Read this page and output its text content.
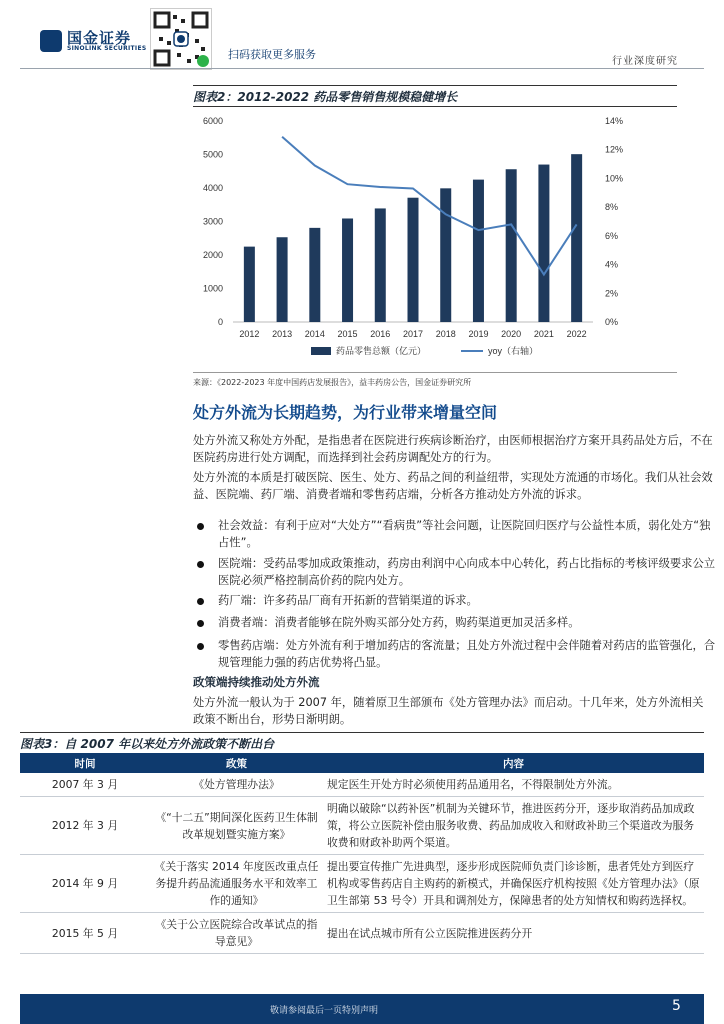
国金证券
SINOLINK SECURITIES	扫码获取更多服务
行业深度研究
图表2：2012-2022 药品零售销售规模稳健增长
0
1000
2000
3000
4000
5000
6000
0%
2%
4%
6%
8%
10%
12%
14%
2012 2013 2014 2015 2016 2017 2018 2019 2020 2021 2022
药品零售总额（亿元）	yoy（右轴）
来源：《2022-2023 年度中国药店发展报告》，益丰药房公告，国金证券研究所
处方外流为长期趋势，为行业带来增量空间
处方外流又称处方外配，是指患者在医院进行疾病诊断治疗，由医师根据治疗方案开具药品处方后，不在医院药房进行处方调配，而选择到社会药房调配处方的行为。
处方外流的本质是打破医院、医生、处方、药品之间的利益纽带，实现处方流通的市场化。我们从社会效益、医院端、药厂端、消费者端和零售药店端，分析各方推动处方外流的诉求。
社会效益：有利于应对“大处方”“看病贵”等社会问题，让医院回归医疗与公益性本质，弱化处方“独占性”。
医院端：受药品零加成政策推动，药房由利润中心向成本中心转化，药占比指标的考核评级要求公立医院必须严格控制高价药的院内处方。
药厂端：许多药品厂商有开拓新的营销渠道的诉求。
消费者端：消费者能够在院外购买部分处方药，购药渠道更加灵活多样。
零售药店端：处方外流有利于增加药店的客流量；且处方外流过程中会伴随着对药店的监管强化，合规管理能力强的药店优势将凸显。
政策端持续推动处方外流
处方外流一般认为于 2007 年，随着原卫生部颁布《处方管理办法》而启动。十几年来，处方外流相关政策不断出台，形势日渐明朗。
图表3：自 2007 年以来处方外流政策不断出台
时间	政策	内容
2007 年 3 月	《处方管理办法》	规定医生开处方时必须使用药品通用名，不得限制处方外流。
2012 年 3 月	《“十二五”期间深化医药卫生体制改革规划暨实施方案》	明确以破除“以药补医”机制为关键环节，推进医药分开，逐步取消药品加成政策，将公立医院补偿由服务收费、药品加成收入和财政补助三个渠道改为服务收费和财政补助两个渠道。
2014 年 9 月	《关于落实 2014 年度医改重点任务提升药品流通服务水平和效率工作的通知》	提出要宣传推广先进典型，逐步形成医院师负责门诊诊断，患者凭处方到医疗机构或零售药店自主购药的新模式，并确保医疗机构按照《处方管理办法》（原卫生部第 53 号令）开具和调剂处方，保障患者的处方知情权和购药选择权。
2015 年 5 月	《关于公立医院综合改革试点的指导意见》	提出在试点城市所有公立医院推进医药分开
敬请参阅最后一页特别声明	5
